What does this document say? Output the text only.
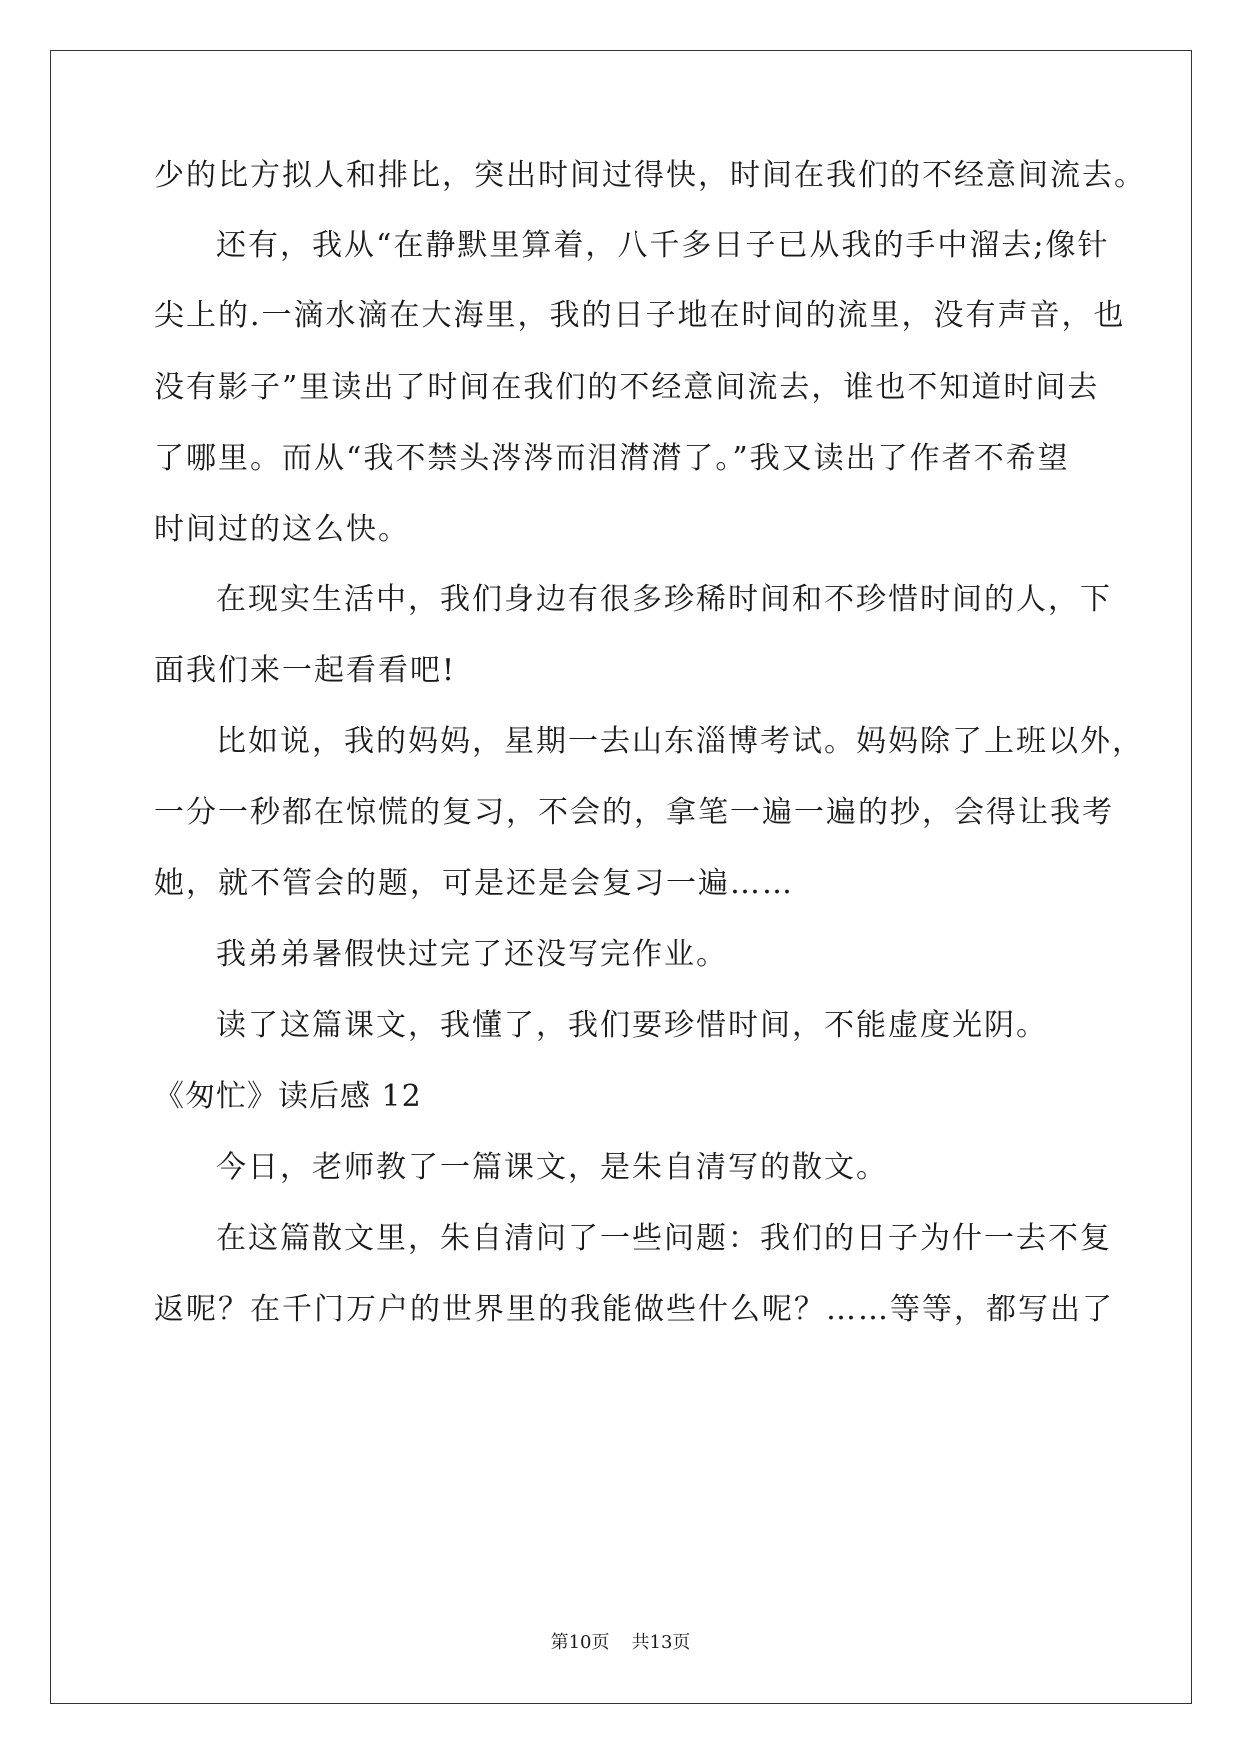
少的比方拟人和排比，突出时间过得快，时间在我们的不经意间流去。

还有，我从“在静默里算着，八千多日子已从我的手中溜去;像针

尖上的.一滴水滴在大海里，我的日子地在时间的流里，没有声音，也

没有影子”里读出了时间在我们的不经意间流去，谁也不知道时间去

了哪里。而从“我不禁头涔涔而泪潸潸了。”我又读出了作者不希望

时间过的这么快。

在现实生活中，我们身边有很多珍稀时间和不珍惜时间的人，下

面我们来一起看看吧!

比如说，我的妈妈，星期一去山东淄博考试。妈妈除了上班以外，

一分一秒都在惊慌的复习，不会的，拿笔一遍一遍的抄，会得让我考

她，就不管会的题，可是还是会复习一遍……

我弟弟暑假快过完了还没写完作业。

读了这篇课文，我懂了，我们要珍惜时间，不能虚度光阴。

《匆忙》读后感 12

今日，老师教了一篇课文，是朱自清写的散文。

在这篇散文里，朱自清问了一些问题：我们的日子为什一去不复

返呢？在千门万户的世界里的我能做些什么呢？……等等，都写出了

第10页 共13页
